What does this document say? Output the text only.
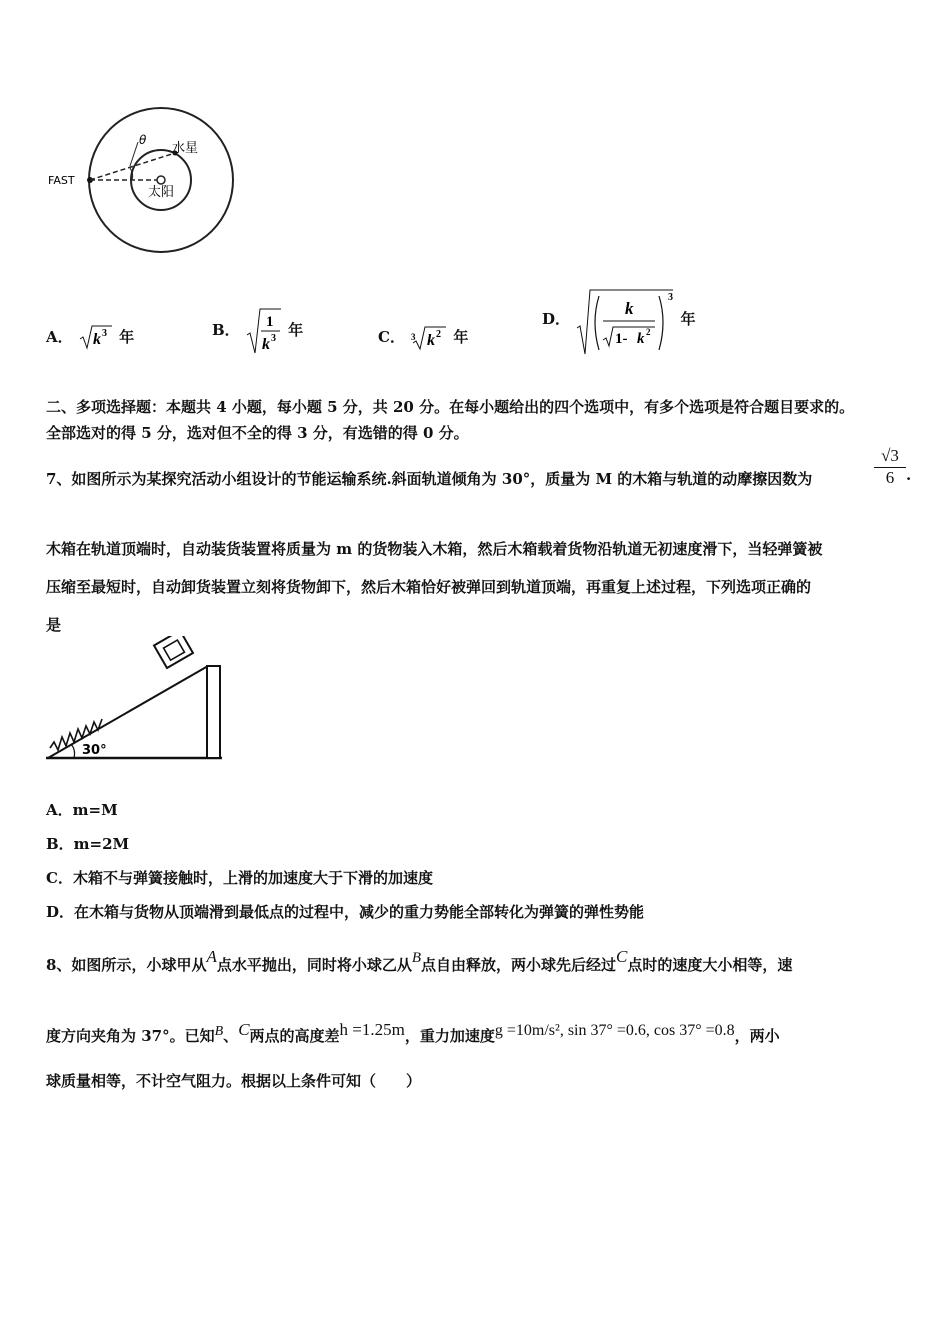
FAST
θ
水星
太阳
A． k 3 年	B． 1
k 3 年	C． 3 k 2 年
D．
3
k
1- k 2
年
二、多项选择题：本题共 4 小题，每小题 5 分，共 20 分。在每小题给出的四个选项中，有多个选项是符合题目要求的。
全部选对的得 5 分，选对但不全的得 3 分，有选错的得 0 分。
7、如图所示为某探究活动小组设计的节能运输系统.斜面轨道倾角为 30°，质量为 M 的木箱与轨道的动摩擦因数为	$\frac{√3}{6}$ .
木箱在轨道顶端时，自动装货装置将质量为 m 的货物装入木箱，然后木箱载着货物沿轨道无初速度滑下，当轻弹簧被
压缩至最短时，自动卸货装置立刻将货物卸下，然后木箱恰好被弹回到轨道顶端，再重复上述过程，下列选项正确的
是
30°
A．m=M
B．m=2M
C．木箱不与弹簧接触时，上滑的加速度大于下滑的加速度
D．在木箱与货物从顶端滑到最低点的过程中，减少的重力势能全部转化为弹簧的弹性势能
8、如图所示，小球甲从A点水平抛出，同时将小球乙从B点自由释放，两小球先后经过C点时的速度大小相等，速
度方向夹角为 37°。已知B、C两点的高度差h =1.25m，重力加速度g =10m/s², sin 37° =0.6, cos 37° =0.8，两小
球质量相等，不计空气阻力。根据以上条件可知（　　）
